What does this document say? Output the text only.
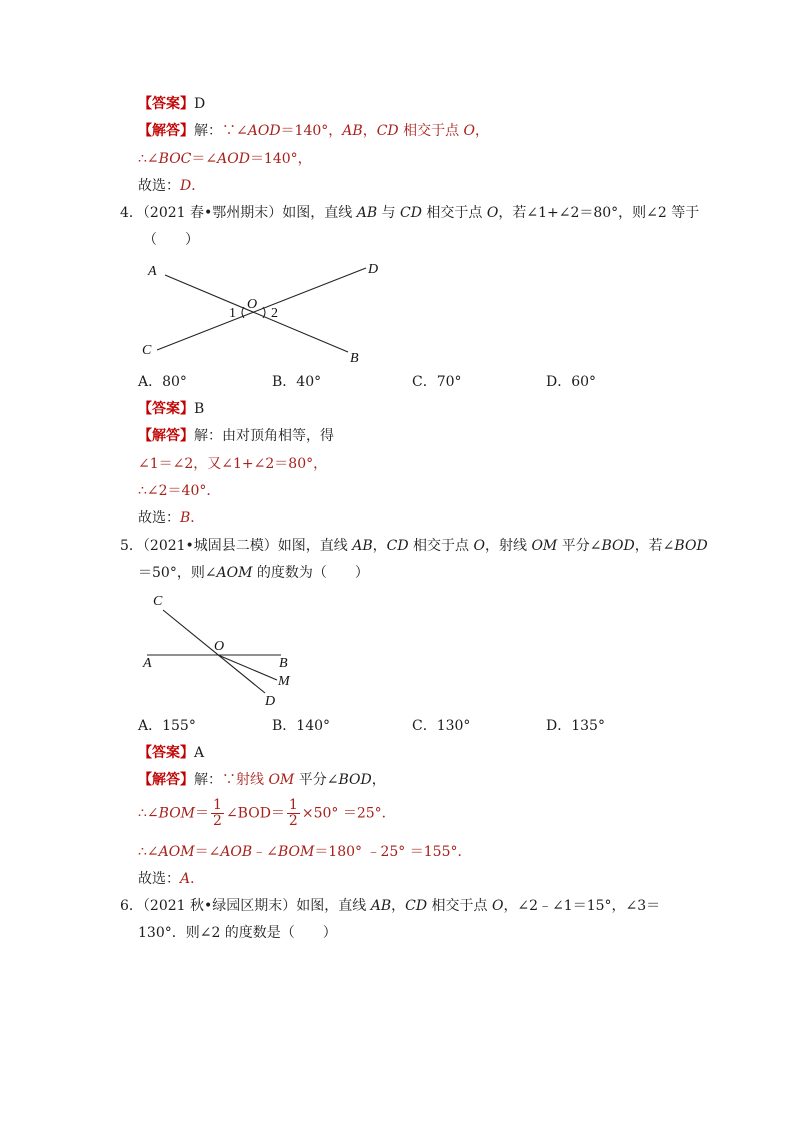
【答案】D
【解答】解：∵∠AOD＝140°，AB，CD 相交于点 O，
∴∠BOC＝∠AOD＝140°，
故选：D．
4．（2021 春•鄂州期末）如图，直线 AB 与 CD 相交于点 O，若∠1+∠2＝80°，则∠2 等于
（　　）
A	D
C
B
O
1	2
A．80°	B．40°	C．70°	D．60°
【答案】B
【解答】解：由对顶角相等，得
∠1＝∠2，又∠1+∠2＝80°，
∴∠2＝40°．
故选：B．
5．（2021•城固县二模）如图，直线 AB，CD 相交于点 O，射线 OM 平分∠BOD，若∠BOD
＝50°，则∠AOM 的度数为（　　）
C
O
A	B
M
D
A．155°	B．140°	C．130°	D．135°
【答案】A
【解答】解：∵射线 OM 平分∠BOD，
∴∠BOM＝ $\frac{1}{2}$ ∠BOD＝ $\frac{1}{2} \times 50^\circ =25^\circ$．
∴∠AOM＝∠AOB﹣∠BOM＝180° ﹣25° ＝155°．
故选：A．
6．（2021 秋•绿园区期末）如图，直线 AB，CD 相交于点 O，∠2﹣∠1＝15°，∠3＝
130°．则∠2 的度数是（　　）
